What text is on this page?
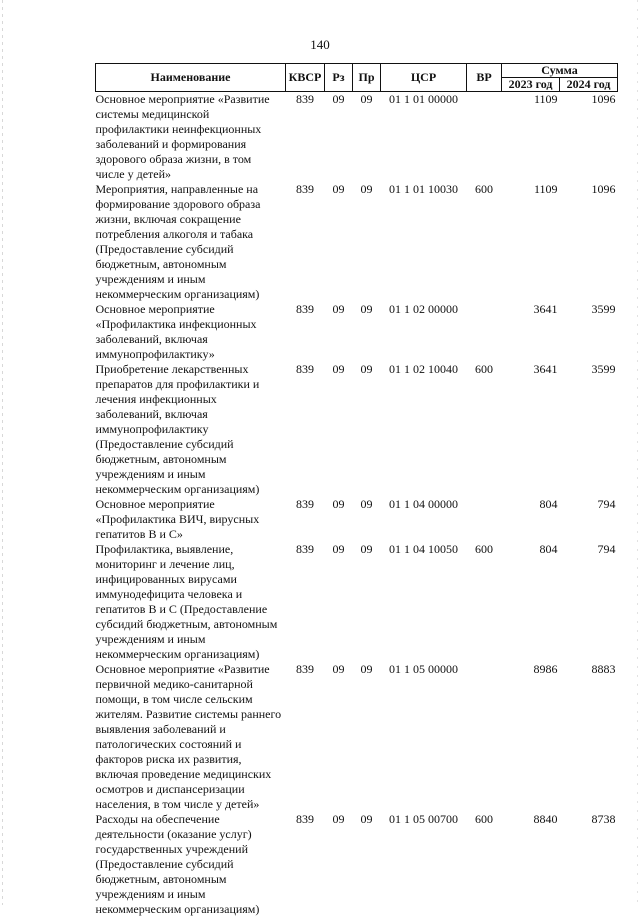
140
Наименование	КВСР	Рз	Пр	ЦСР	ВР	Сумма	
						2023 год	2024 год
Основное мероприятие «Развитие системы медицинской профилактики неинфекционных заболеваний и формирования здорового образа жизни, в том числе у детей»	839	09	09	01 1 01 00000		1109	1096
Мероприятия, направленные на формирование здорового образа жизни, включая сокращение потребления алкоголя и табака (Предоставление субсидий бюджетным, автономным учреждениям и иным некоммерческим организациям)	839	09	09	01 1 01 10030	600	1109	1096
Основное мероприятие «Профилактика инфекционных заболеваний, включая иммунопрофилактику»	839	09	09	01 1 02 00000		3641	3599
Приобретение лекарственных препаратов для профилактики и лечения инфекционных заболеваний, включая иммунопрофилактику (Предоставление субсидий бюджетным, автономным учреждениям и иным некоммерческим организациям)	839	09	09	01 1 02 10040	600	3641	3599
Основное мероприятие «Профилактика ВИЧ, вирусных гепатитов В и С»	839	09	09	01 1 04 00000		804	794
Профилактика, выявление, мониторинг и лечение лиц, инфицированных вирусами иммунодефицита человека и гепатитов В и С (Предоставление субсидий бюджетным, автономным учреждениям и иным некоммерческим организациям)	839	09	09	01 1 04 10050	600	804	794
Основное мероприятие «Развитие первичной медико-санитарной помощи, в том числе сельским жителям. Развитие системы раннего выявления заболеваний и патологических состояний и факторов риска их развития, включая проведение медицинских осмотров и диспансеризации населения, в том числе у детей»	839	09	09	01 1 05 00000		8986	8883
Расходы на обеспечение деятельности (оказание услуг) государственных учреждений (Предоставление субсидий бюджетным, автономным учреждениям и иным некоммерческим организациям)	839	09	09	01 1 05 00700	600	8840	8738
